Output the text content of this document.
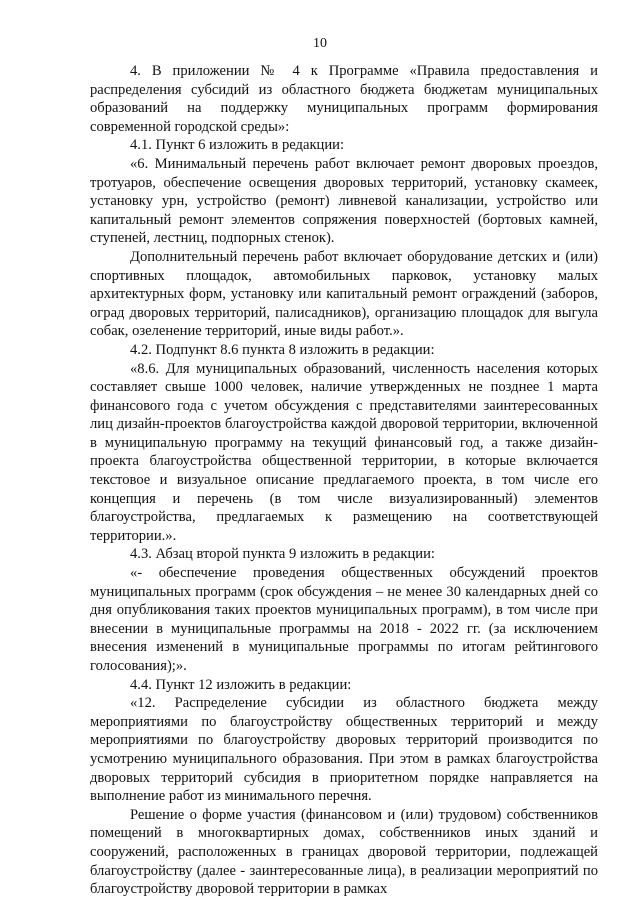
10

4. В приложении № 4 к Программе «Правила предоставления и распределения субсидий из областного бюджета бюджетам муниципальных образований на поддержку муниципальных программ формирования современной городской среды»:

4.1. Пункт 6 изложить в редакции:

«6. Минимальный перечень работ включает ремонт дворовых проездов, тротуаров, обеспечение освещения дворовых территорий, установку скамеек, установку урн, устройство (ремонт) ливневой канализации, устройство или капитальный ремонт элементов сопряжения поверхностей (бортовых камней, ступеней, лестниц, подпорных стенок).

Дополнительный перечень работ включает оборудование детских и (или) спортивных площадок, автомобильных парковок, установку малых архитектурных форм, установку или капитальный ремонт ограждений (заборов, оград дворовых территорий, палисадников), организацию площадок для выгула собак, озеленение территорий, иные виды работ.».

4.2. Подпункт 8.6 пункта 8 изложить в редакции:

«8.6. Для муниципальных образований, численность населения которых составляет свыше 1000 человек, наличие утвержденных не позднее 1 марта финансового года с учетом обсуждения с представителями заинтересованных лиц дизайн-проектов благоустройства каждой дворовой территории, включенной в муниципальную программу на текущий финансовый год, а также дизайн-проекта благоустройства общественной территории, в которые включается текстовое и визуальное описание предлагаемого проекта, в том числе его концепция и перечень (в том числе визуализированный) элементов благоустройства, предлагаемых к размещению на соответствующей территории.».

4.3. Абзац второй пункта 9 изложить в редакции:

«- обеспечение проведения общественных обсуждений проектов муниципальных программ (срок обсуждения – не менее 30 календарных дней со дня опубликования таких проектов муниципальных программ), в том числе при внесении в муниципальные программы на 2018 - 2022 гг. (за исключением внесения изменений в муниципальные программы по итогам рейтингового голосования);».

4.4. Пункт 12 изложить в редакции:

«12. Распределение субсидии из областного бюджета между мероприятиями по благоустройству общественных территорий и между мероприятиями по благоустройству дворовых территорий производится по усмотрению муниципального образования. При этом в рамках благоустройства дворовых территорий субсидия в приоритетном порядке направляется на выполнение работ из минимального перечня.

Решение о форме участия (финансовом и (или) трудовом) собственников помещений в многоквартирных домах, собственников иных зданий и сооружений, расположенных в границах дворовой территории, подлежащей благоустройству (далее - заинтересованные лица), в реализации мероприятий по благоустройству дворовой территории в рамках
